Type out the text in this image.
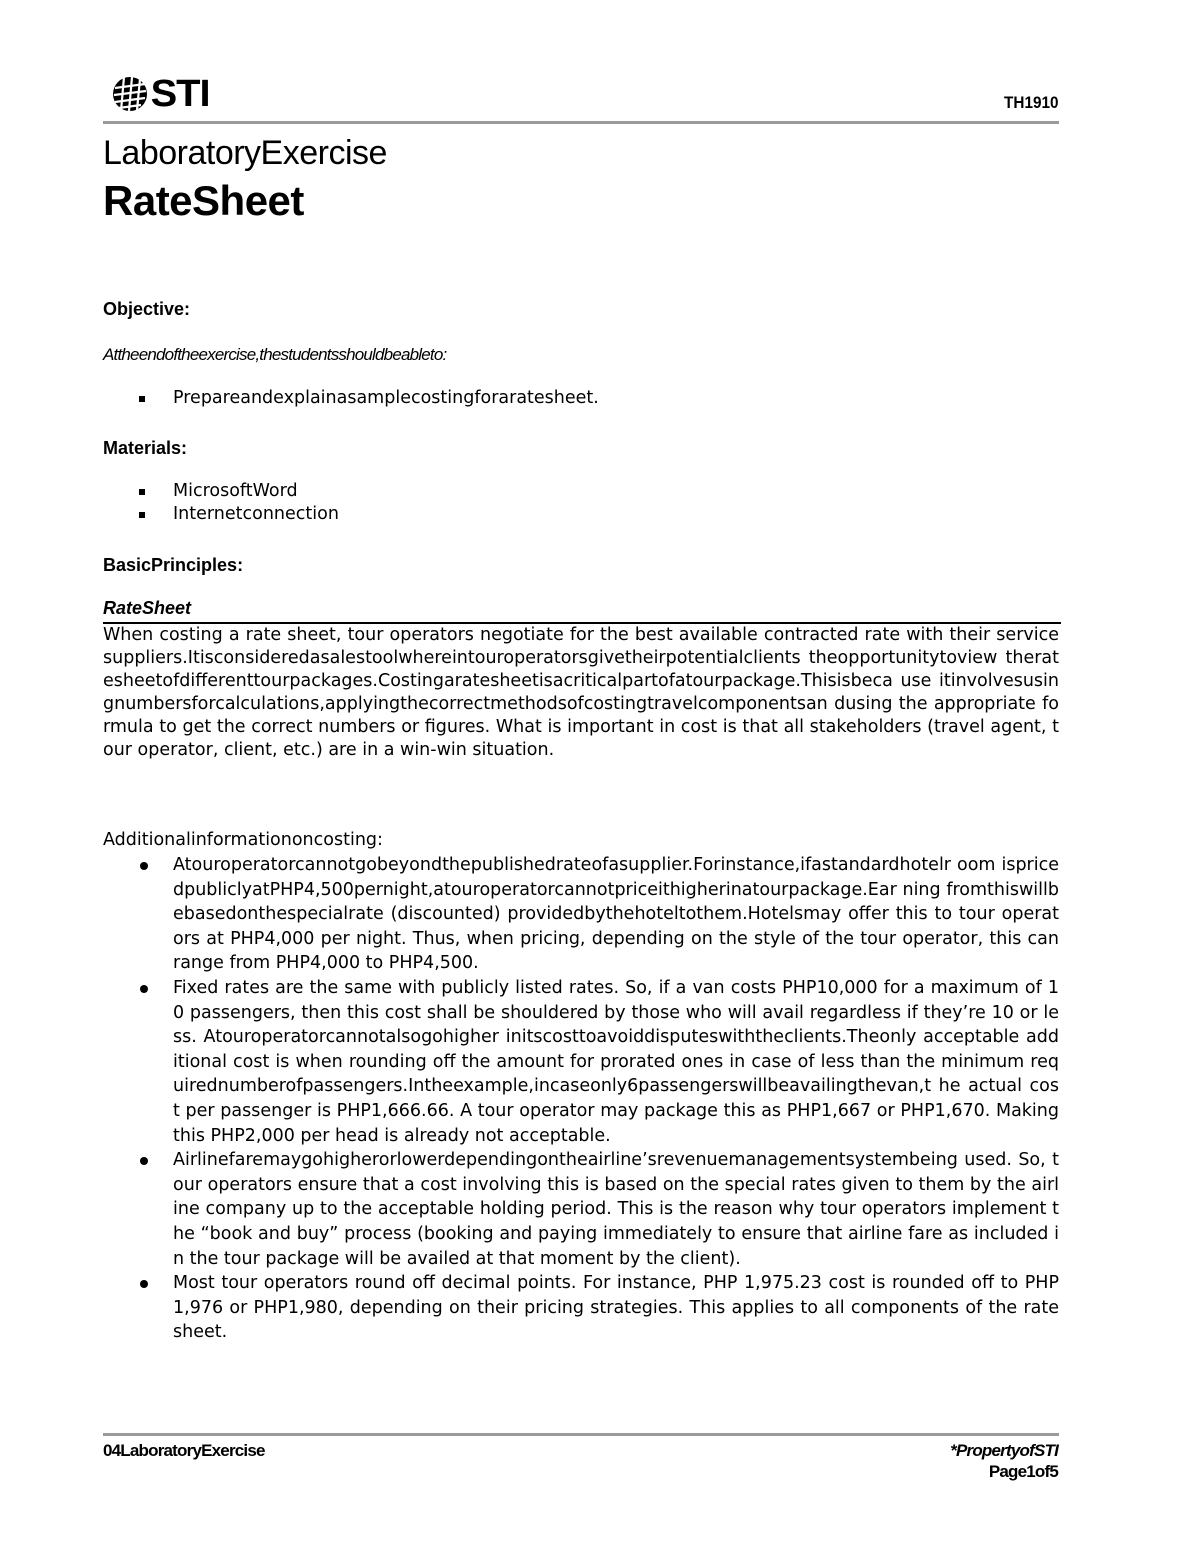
STI	TH1910
LaboratoryExercise
RateSheet
Objective:
Attheendoftheexercise,thestudentsshouldbeableto:
Prepareandexplainasamplecostingforaratesheet.
Materials:
MicrosoftWord
Internetconnection
BasicPrinciples:
RateSheet
When costing a rate sheet, tour operators negotiate for the best available contracted rate with their service suppliers.Itisconsideredasalestoolwhereintouroperatorsgivetheirpotentialclients theopportunitytoview theratesheetofdifferenttourpackages.Costingaratesheetisacriticalpartofatourpackage.Thisisbeca use itinvolvesusingnumbersforcalculations,applyingthecorrectmethodsofcostingtravelcomponentsan dusing the appropriate formula to get the correct numbers or figures. What is important in cost is that all stakeholders (travel agent, tour operator, client, etc.) are in a win-win situation.
Additionalinformationoncosting:
Atouroperatorcannotgobeyondthepublishedrateofasupplier.Forinstance,ifastandardhotelr oom ispricedpubliclyatPHP4,500pernight,atouroperatorcannotpriceithigherinatourpackage.Ear ning fromthiswillbebasedonthespecialrate (discounted) providedbythehoteltothem.Hotelsmay offer this to tour operators at PHP4,000 per night. Thus, when pricing, depending on the style of the tour operator, this can range from PHP4,000 to PHP4,500.
Fixed rates are the same with publicly listed rates. So, if a van costs PHP10,000 for a maximum of 10 passengers, then this cost shall be shouldered by those who will avail regardless if they’re 10 or less. Atouroperatorcannotalsogohigher initscosttoavoiddisputeswiththeclients.Theonly acceptable additional cost is when rounding off the amount for prorated ones in case of less than the minimum requirednumberofpassengers.Intheexample,incaseonly6passengerswillbeavailingthevan,t he actual cost per passenger is PHP1,666.66. A tour operator may package this as PHP1,667 or PHP1,670. Making this PHP2,000 per head is already not acceptable.
Airlinefaremaygohigherorlowerdependingontheairline’srevenuemanagementsystembeing used. So, tour operators ensure that a cost involving this is based on the special rates given to them by the airline company up to the acceptable holding period. This is the reason why tour operators implement the “book and buy” process (booking and paying immediately to ensure that airline fare as included in the tour package will be availed at that moment by the client).
Most tour operators round off decimal points. For instance, PHP 1,975.23 cost is rounded off to PHP 1,976 or PHP1,980, depending on their pricing strategies. This applies to all components of the rate sheet.
04LaboratoryExercise	*PropertyofSTI
Page1of5
